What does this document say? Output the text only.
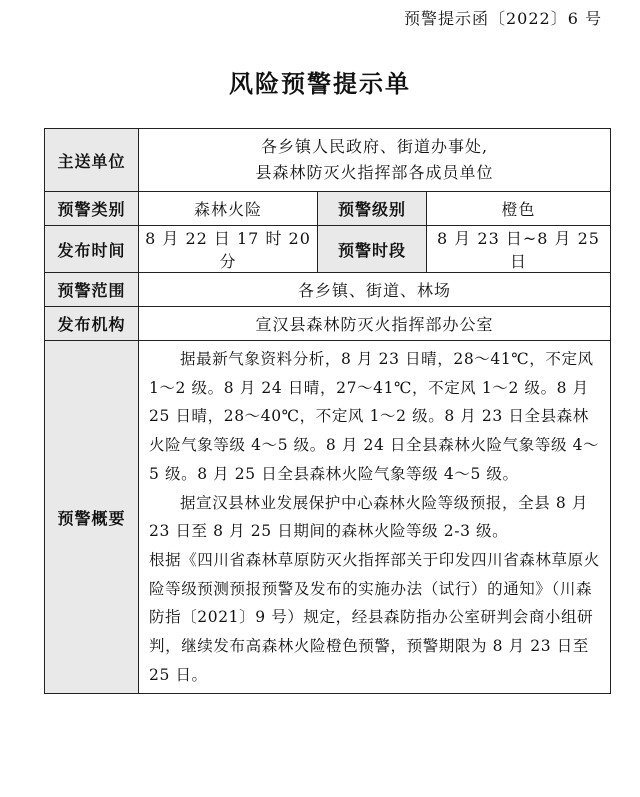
预警提示函〔2022〕6 号
风险预警提示单
主送单位	各乡镇人民政府、街道办事处,
县森林防灭火指挥部各成员单位		

预警类别	森林火险	预警级别	橙色
发布时间	8 月 22 日 17 时 20 分	预警时段	8 月 23 日~8 月 25 日
预警范围	各乡镇、街道、林场		
发布机构	宣汉县森林防灭火指挥部办公室		
预警概要	据最新气象资料分析，8 月 23 日晴，28～41℃，不定风 1～2 级。8 月 24 日晴，27～41℃，不定风 1～2 级。8 月 25 日晴，28～40℃，不定风 1～2 级。8 月 23 日全县森林火险气象等级 4～5 级。8 月 24 日全县森林火险气象等级 4～5 级。8 月 25 日全县森林火险气象等级 4～5 级。

据宣汉县林业发展保护中心森林火险等级预报，全县 8 月 23 日至 8 月 25 日期间的森林火险等级 2-3 级。

根据《四川省森林草原防灭火指挥部关于印发四川省森林草原火险等级预测预报预警及发布的实施办法（试行）的通知》（川森防指〔2021〕9 号）规定，经县森防指办公室研判会商小组研判，继续发布高森林火险橙色预警，预警期限为 8 月 23 日至 25 日。		
